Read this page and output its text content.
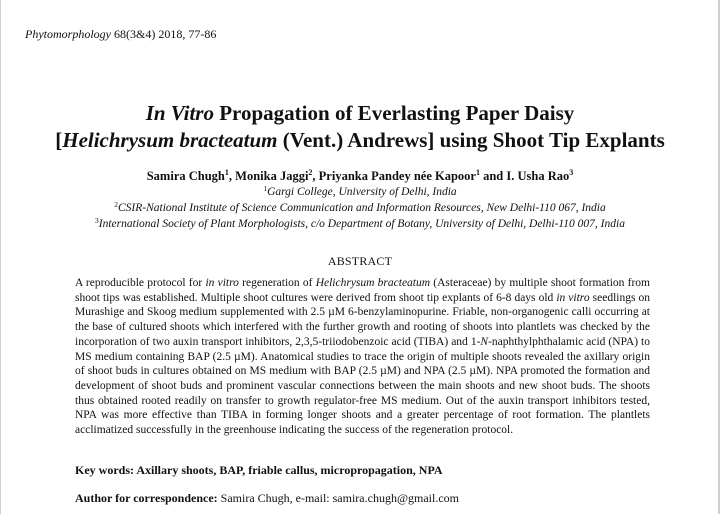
Phytomorphology 68(3&4) 2018, 77-86
In Vitro Propagation of Everlasting Paper Daisy
[Helichrysum bracteatum (Vent.) Andrews] using Shoot Tip Explants
Samira Chugh$^1$, Monika Jaggi$^2$, Priyanka Pandey née Kapoor$^1$ and I. Usha Rao$^3$
$^1$Gargi College, University of Delhi, India
$^2$CSIR-National Institute of Science Communication and Information Resources, New Delhi-110 067, India
$^3$International Society of Plant Morphologists, c/o Department of Botany, University of Delhi, Delhi-110 007, India
ABSTRACT
A reproducible protocol for in vitro regeneration of Helichrysum bracteatum (Asteraceae) by multiple shoot formation from shoot tips was established. Multiple shoot cultures were derived from shoot tip explants of 6-8 days old in vitro seedlings on Murashige and Skoog medium supplemented with 2.5 µM 6-benzylaminopurine. Friable, non-organogenic calli occurring at the base of cultured shoots which interfered with the further growth and rooting of shoots into plantlets was checked by the incorporation of two auxin transport inhibitors, 2,3,5-triiodobenzoic acid (TIBA) and 1-N-naphthylphthalamic acid (NPA) to MS medium containing BAP (2.5 µM). Anatomical studies to trace the origin of multiple shoots revealed the axillary origin of shoot buds in cultures obtained on MS medium with BAP (2.5 µM) and NPA (2.5 µM). NPA promoted the formation and development of shoot buds and prominent vascular connections between the main shoots and new shoot buds. The shoots thus obtained rooted readily on transfer to growth regulator-free MS medium. Out of the auxin transport inhibitors tested, NPA was more effective than TIBA in forming longer shoots and a greater percentage of root formation. The plantlets acclimatized successfully in the greenhouse indicating the success of the regeneration protocol.
Key words: Axillary shoots, BAP, friable callus, micropropagation, NPA
Author for correspondence: Samira Chugh, e-mail: samira.chugh@gmail.com
